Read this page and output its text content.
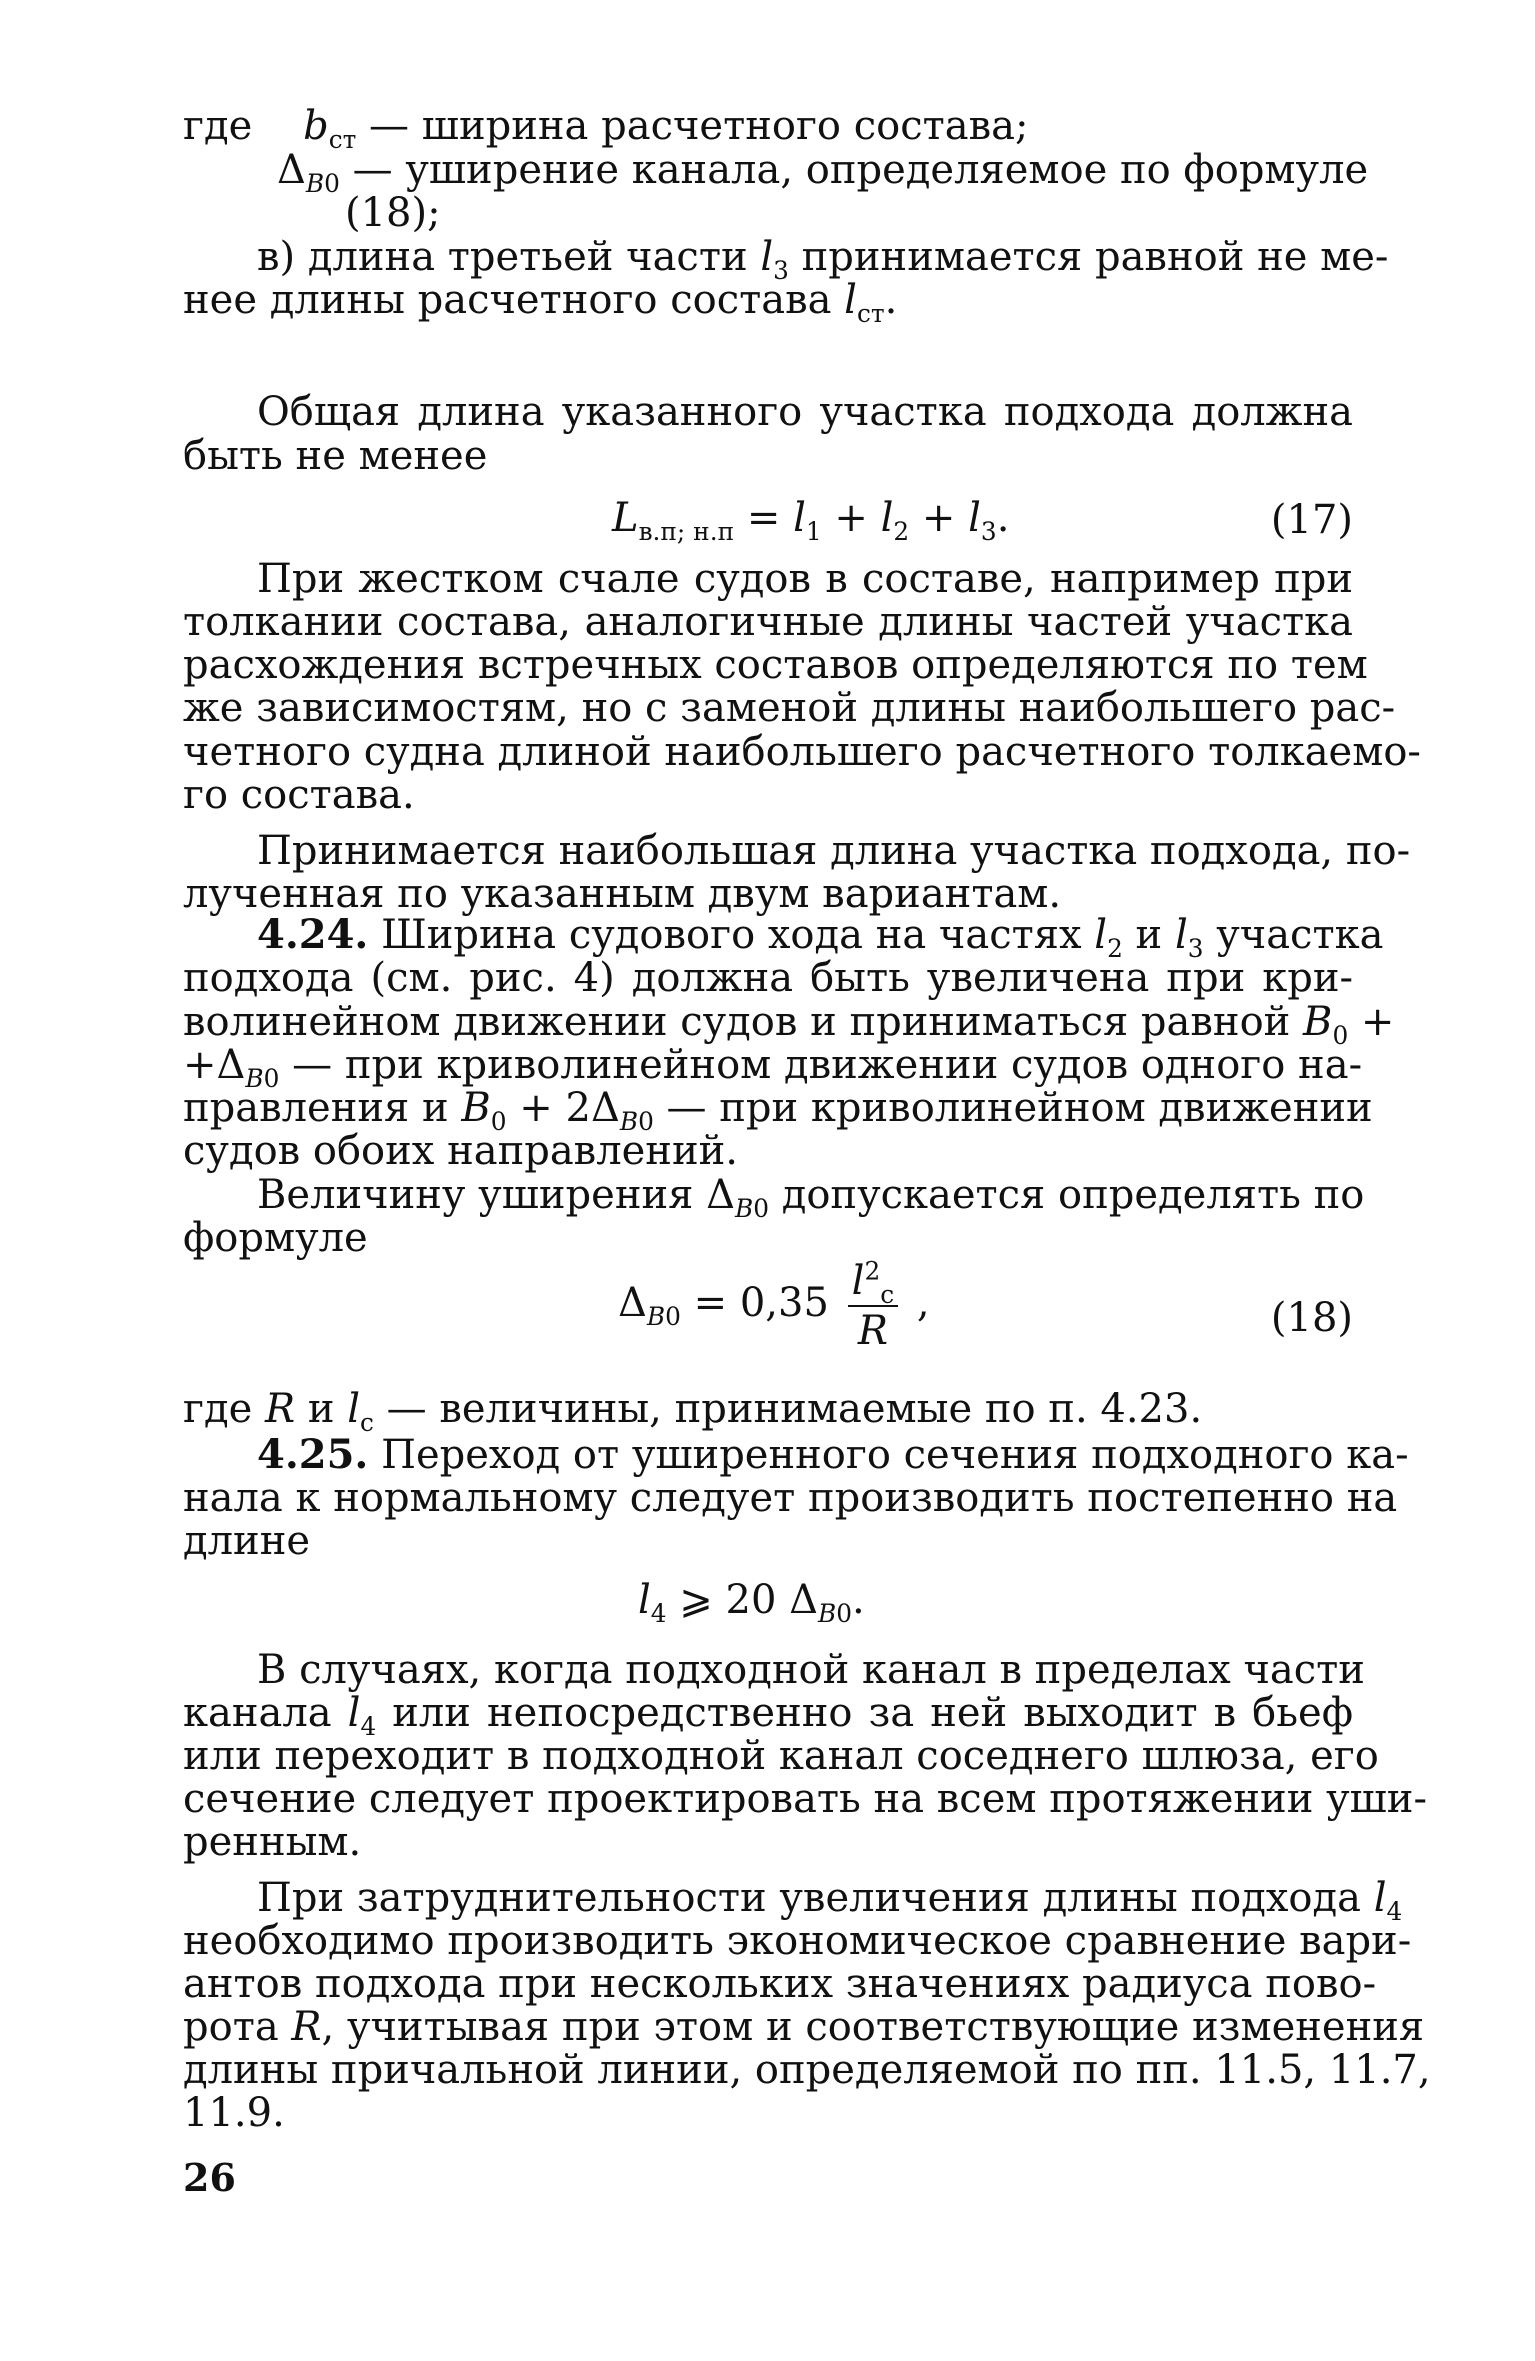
где $b_{ст}$ — ширина расчетного состава;

$\Delta_{B0}$ — уширение канала, определяемое по формуле

(18);

в) длина третьей части $l_3$ принимается равной не ме-

нее длины расчетного состава $l_{ст}$.

Общая длина указанного участка подхода должна

быть не менее

$L_{в.п; н.п} = l_1 + l_2 + l_3$.	(17)

При жестком счале судов в составе, например при

толкании состава, аналогичные длины частей участка

расхождения встречных составов определяются по тем

же зависимостям, но с заменой длины наибольшего рас-

четного судна длиной наибольшего расчетного толкаемо-

го состава.

Принимается наибольшая длина участка подхода, по-

лученная по указанным двум вариантам.

4.24. Ширина судового хода на частях $l_2$ и $l_3$ участка

подхода (см. рис. 4) должна быть увеличена при кри-

волинейном движении судов и приниматься равной $B_0$ +

$+\Delta_{B0}$ — при криволинейном движении судов одного на-

правления и $B_0 + 2\Delta_{B0}$ — при криволинейном движении

судов обоих направлений.

Величину уширения $\Delta_{B0}$ допускается определять по

формуле

$\Delta_{B0} = 0,35 \frac{l^2_с}{R}$ ,	(18)

где R и $l_с$ — величины, принимаемые по п. 4.23.

4.25. Переход от уширенного сечения подходного ка-

нала к нормальному следует производить постепенно на

длине

$l_4$ ⩾ 20 $\Delta_{B0}$.

В случаях, когда подходной канал в пределах части

канала $l_4$ или непосредственно за ней выходит в бьеф

или переходит в подходной канал соседнего шлюза, его

сечение следует проектировать на всем протяжении уши-

ренным.

При затруднительности увеличения длины подхода $l_4$

необходимо производить экономическое сравнение вари-

антов подхода при нескольких значениях радиуса пово-

рота R, учитывая при этом и соответствующие изменения

длины причальной линии, определяемой по пп. 11.5, 11.7,

11.9.

26
